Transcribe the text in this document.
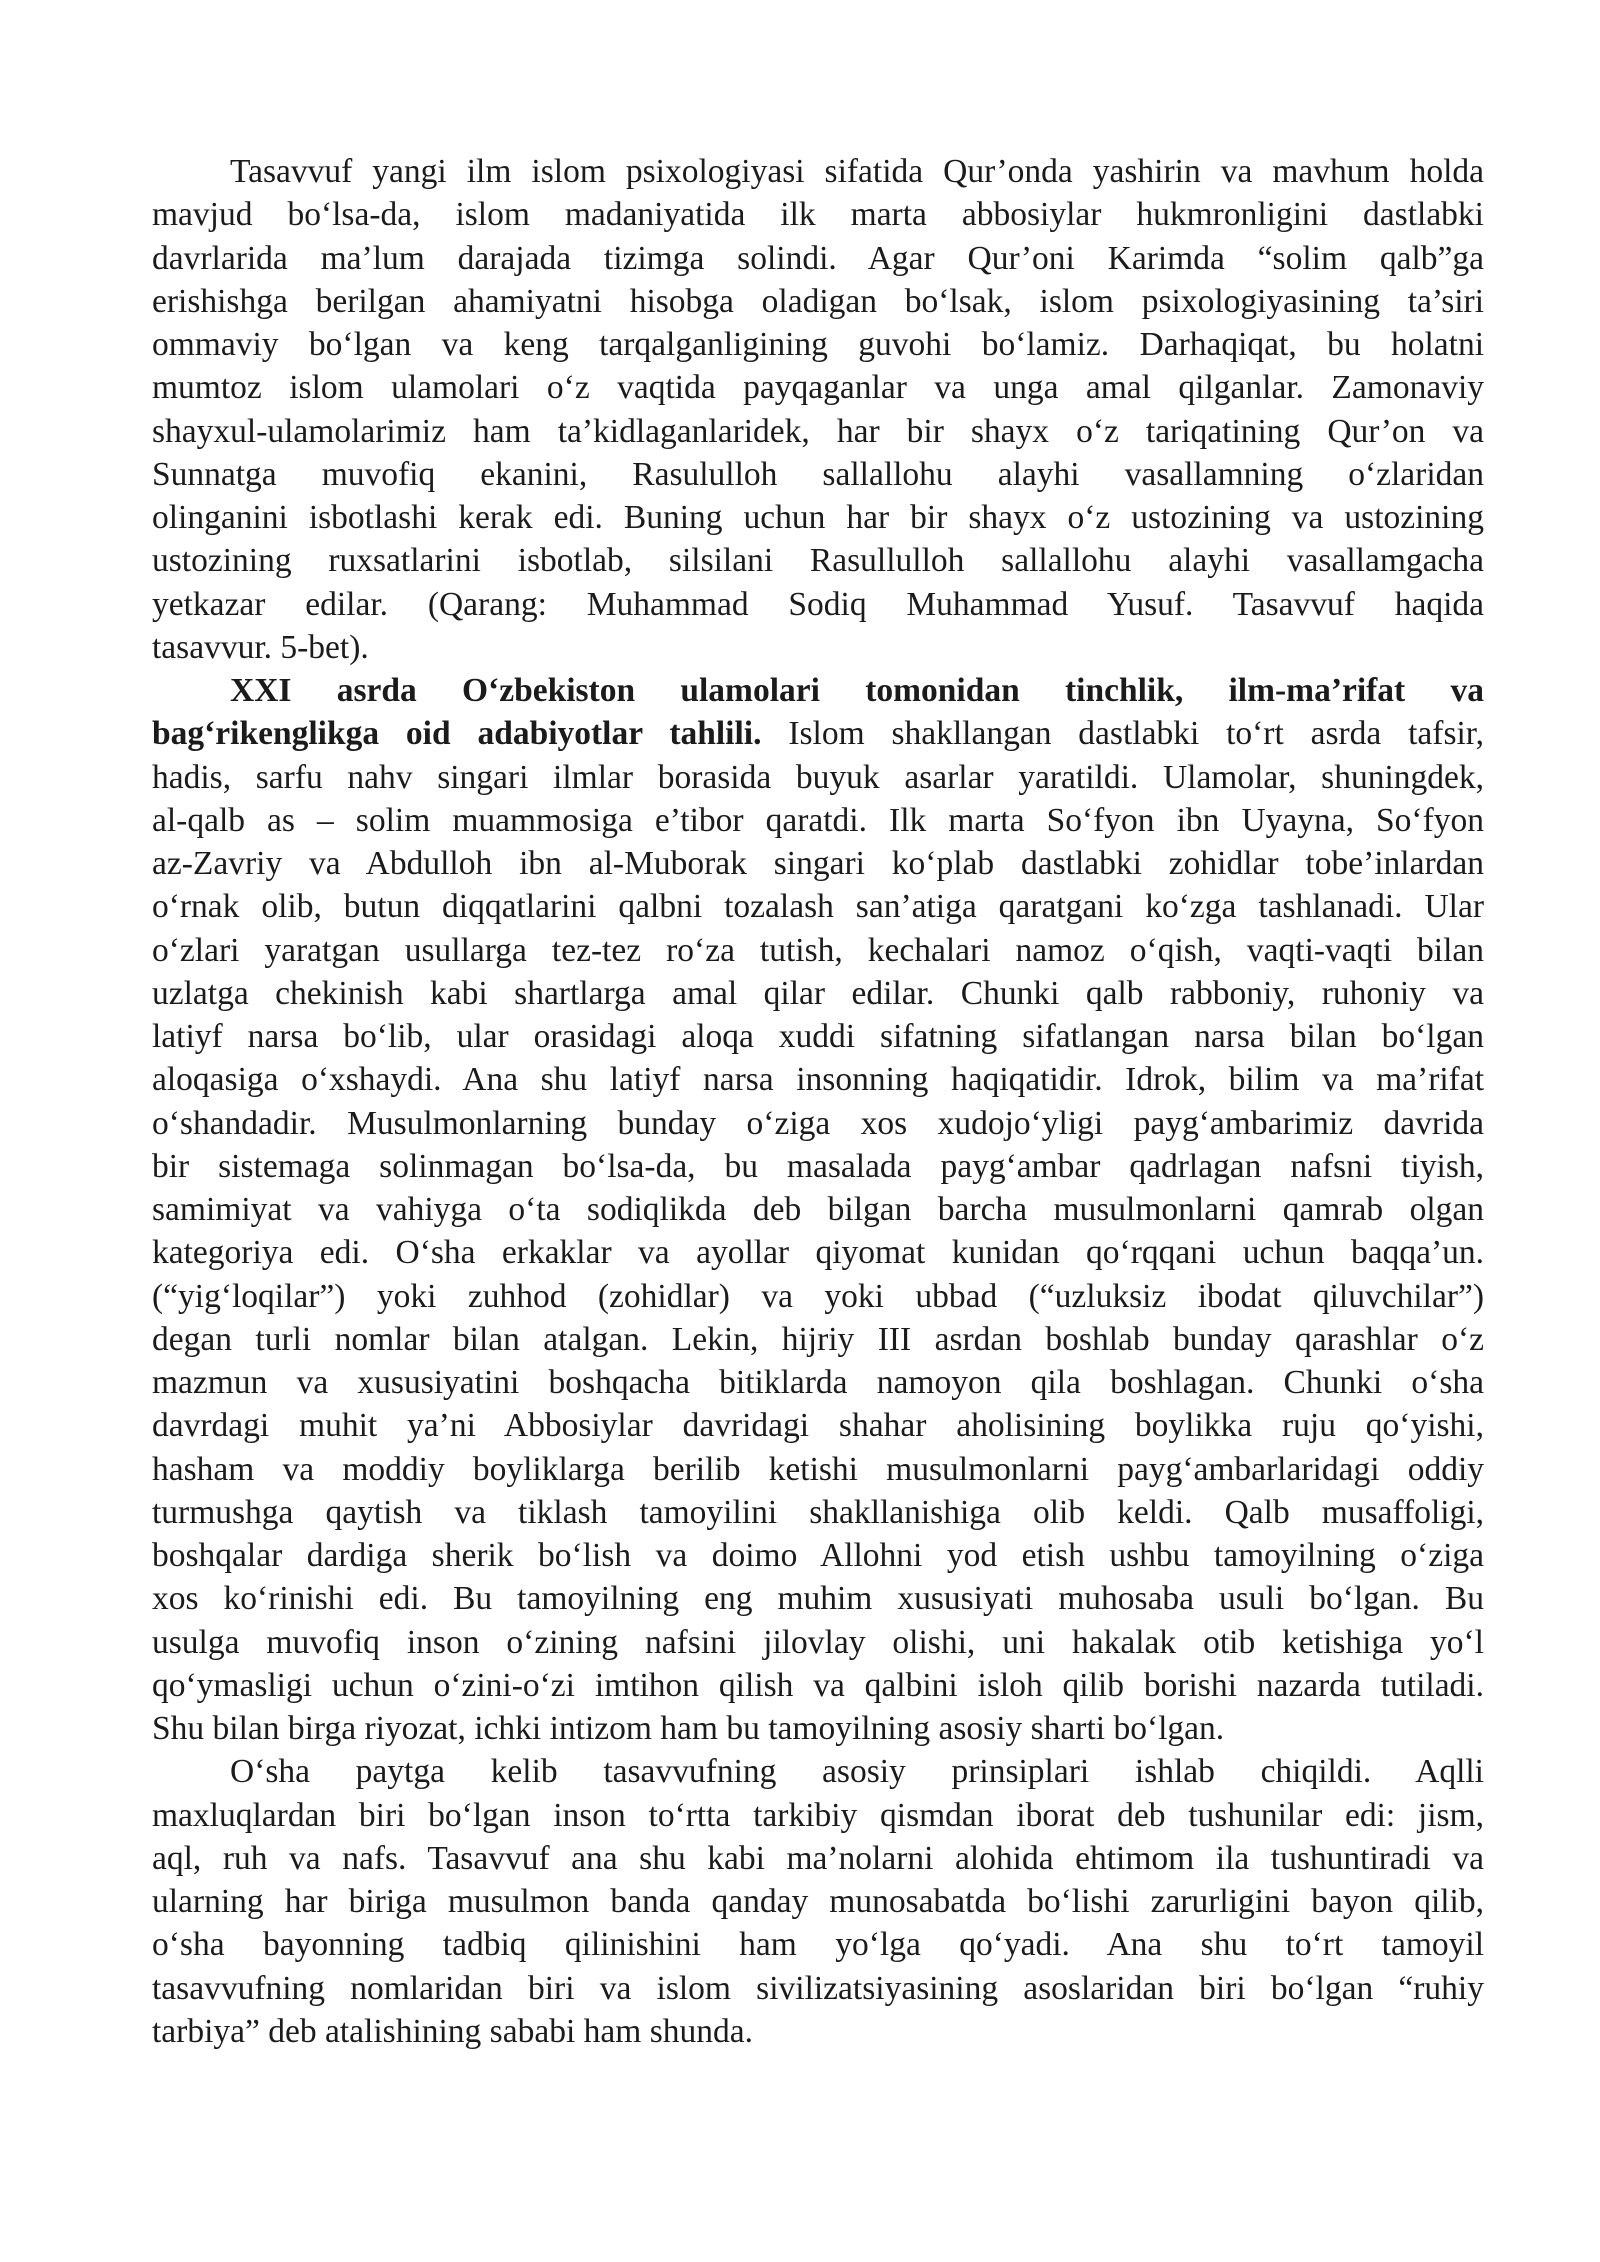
Tasavvuf yangi ilm islom psixologiyasi sifatida Qur’onda yashirin va mavhum holda
mavjud bo‘lsa-da, islom madaniyatida ilk marta abbosiylar hukmronligini dastlabki
davrlarida ma’lum darajada tizimga solindi. Agar Qur’oni Karimda “solim qalb”ga
erishishga berilgan ahamiyatni hisobga oladigan bo‘lsak, islom psixologiyasining ta’siri
ommaviy bo‘lgan va keng tarqalganligining guvohi bo‘lamiz. Darhaqiqat, bu holatni
mumtoz islom ulamolari o‘z vaqtida payqaganlar va unga amal qilganlar. Zamonaviy
shayxul-ulamolarimiz ham ta’kidlaganlaridek, har bir shayx o‘z tariqatining Qur’on va
Sunnatga muvofiq ekanini, Rasululloh sallallohu alayhi vasallamning o‘zlaridan
olinganini isbotlashi kerak edi. Buning uchun har bir shayx o‘z ustozining va ustozining
ustozining ruxsatlarini isbotlab, silsilani Rasullulloh sallallohu alayhi vasallamgacha
yetkazar edilar. (Qarang: Muhammad Sodiq Muhammad Yusuf. Tasavvuf haqida
tasavvur. 5-bet).
XXI asrda O‘zbekiston ulamolari tomonidan tinchlik, ilm-ma’rifat va
bag‘rikenglikga oid adabiyotlar tahlili. Islom shakllangan dastlabki to‘rt asrda tafsir,
hadis, sarfu nahv singari ilmlar borasida buyuk asarlar yaratildi. Ulamolar, shuningdek,
al-qalb as – solim muammosiga e’tibor qaratdi. Ilk marta So‘fyon ibn Uyayna, So‘fyon
az-Zavriy va Abdulloh ibn al-Muborak singari ko‘plab dastlabki zohidlar tobe’inlardan
o‘rnak olib, butun diqqatlarini qalbni tozalash san’atiga qaratgani ko‘zga tashlanadi. Ular
o‘zlari yaratgan usullarga tez-tez ro‘za tutish, kechalari namoz o‘qish, vaqti-vaqti bilan
uzlatga chekinish kabi shartlarga amal qilar edilar. Chunki qalb rabboniy, ruhoniy va
latiyf narsa bo‘lib, ular orasidagi aloqa xuddi sifatning sifatlangan narsa bilan bo‘lgan
aloqasiga o‘xshaydi. Ana shu latiyf narsa insonning haqiqatidir. Idrok, bilim va ma’rifat
o‘shandadir. Musulmonlarning bunday o‘ziga xos xudojo‘yligi payg‘ambarimiz davrida
bir sistemaga solinmagan bo‘lsa-da, bu masalada payg‘ambar qadrlagan nafsni tiyish,
samimiyat va vahiyga o‘ta sodiqlikda deb bilgan barcha musulmonlarni qamrab olgan
kategoriya edi. O‘sha erkaklar va ayollar qiyomat kunidan qo‘rqqani uchun baqqa’un.
(“yig‘loqilar”) yoki zuhhod (zohidlar) va yoki ubbad (“uzluksiz ibodat qiluvchilar”)
degan turli nomlar bilan atalgan. Lekin, hijriy III asrdan boshlab bunday qarashlar o‘z
mazmun va xususiyatini boshqacha bitiklarda namoyon qila boshlagan. Chunki o‘sha
davrdagi muhit ya’ni Abbosiylar davridagi shahar aholisining boylikka ruju qo‘yishi,
hasham va moddiy boyliklarga berilib ketishi musulmonlarni payg‘ambarlaridagi oddiy
turmushga qaytish va tiklash tamoyilini shakllanishiga olib keldi. Qalb musaffoligi,
boshqalar dardiga sherik bo‘lish va doimo Allohni yod etish ushbu tamoyilning o‘ziga
xos ko‘rinishi edi. Bu tamoyilning eng muhim xususiyati muhosaba usuli bo‘lgan. Bu
usulga muvofiq inson o‘zining nafsini jilovlay olishi, uni hakalak otib ketishiga yo‘l
qo‘ymasligi uchun o‘zini-o‘zi imtihon qilish va qalbini isloh qilib borishi nazarda tutiladi.
Shu bilan birga riyozat, ichki intizom ham bu tamoyilning asosiy sharti bo‘lgan.
O‘sha paytga kelib tasavvufning asosiy prinsiplari ishlab chiqildi. Aqlli
maxluqlardan biri bo‘lgan inson to‘rtta tarkibiy qismdan iborat deb tushunilar edi: jism,
aql, ruh va nafs. Tasavvuf ana shu kabi ma’nolarni alohida ehtimom ila tushuntiradi va
ularning har biriga musulmon banda qanday munosabatda bo‘lishi zarurligini bayon qilib,
o‘sha bayonning tadbiq qilinishini ham yo‘lga qo‘yadi. Ana shu to‘rt tamoyil
tasavvufning nomlaridan biri va islom sivilizatsiyasining asoslaridan biri bo‘lgan “ruhiy
tarbiya” deb atalishining sababi ham shunda.
